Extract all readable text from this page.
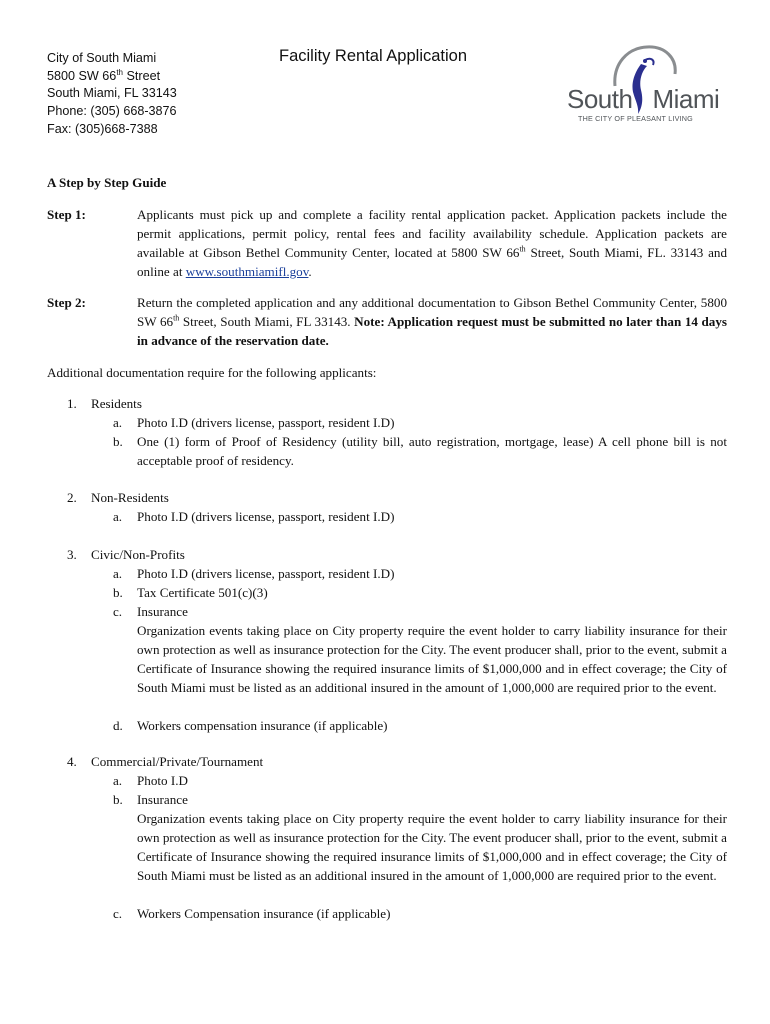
City of South Miami
5800 SW 66th Street
South Miami, FL 33143
Phone: (305) 668-3876
Fax: (305)668-7388
Facility Rental Application
South Miami
THE CITY OF PLEASANT LIVING
A Step by Step Guide
Step 1:	Applicants must pick up and complete a facility rental application packet. Application packets include the permit applications, permit policy, rental fees and facility availability schedule. Application packets are available at Gibson Bethel Community Center, located at 5800 SW 66th Street, South Miami, FL. 33143 and online at www.southmiamifl.gov.
Step 2:	Return the completed application and any additional documentation to Gibson Bethel Community Center, 5800 SW 66th Street, South Miami, FL 33143. Note: Application request must be submitted no later than 14 days in advance of the reservation date.
Additional documentation require for the following applicants:
1. Residents
a.	Photo I.D (drivers license, passport, resident I.D)
b.	One (1) form of Proof of Residency (utility bill, auto registration, mortgage, lease) A cell phone bill is not acceptable proof of residency.
2. Non-Residents
a.	Photo I.D (drivers license, passport, resident I.D)
3. Civic/Non-Profits
a.	Photo I.D (drivers license, passport, resident I.D)
b.	Tax Certificate 501(c)(3)
c.	Insurance
Organization events taking place on City property require the event holder to carry liability insurance for their own protection as well as insurance protection for the City. The event producer shall, prior to the event, submit a Certificate of Insurance showing the required insurance limits of $1,000,000 and in effect coverage; the City of South Miami must be listed as an additional insured in the amount of 1,000,000 are required prior to the event.
d.	Workers compensation insurance (if applicable)
4. Commercial/Private/Tournament
a.	Photo I.D
b.	Insurance
Organization events taking place on City property require the event holder to carry liability insurance for their own protection as well as insurance protection for the City. The event producer shall, prior to the event, submit a Certificate of Insurance showing the required insurance limits of $1,000,000 and in effect coverage; the City of South Miami must be listed as an additional insured in the amount of 1,000,000 are required prior to the event.
c.	Workers Compensation insurance (if applicable)
